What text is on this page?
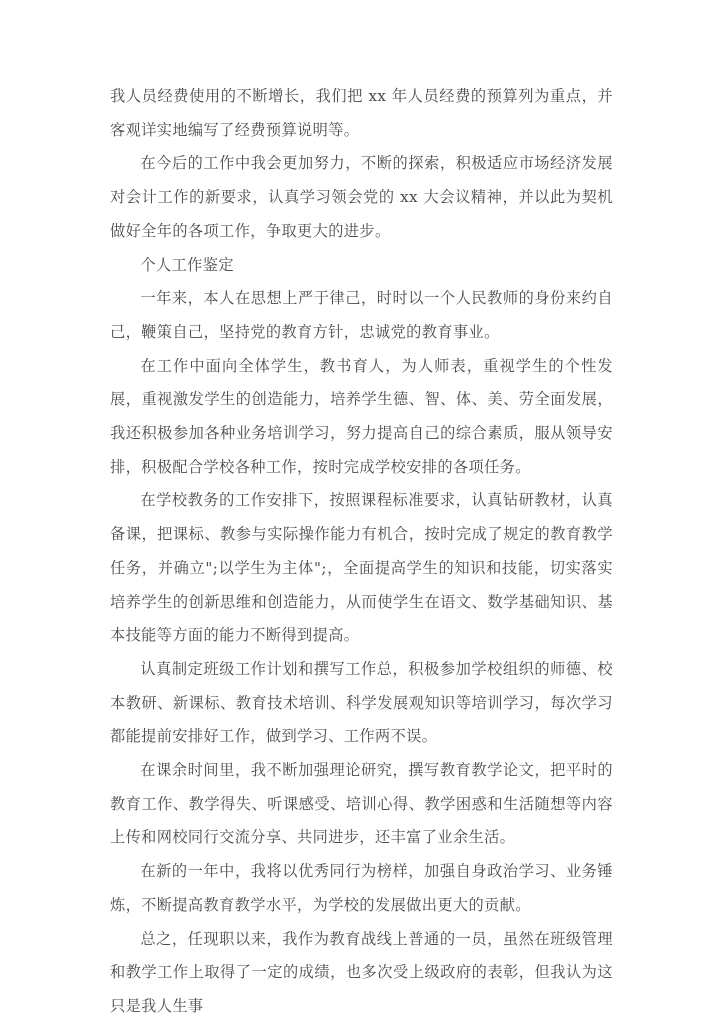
我人员经费使用的不断增长，我们把 xx 年人员经费的预算列为重点，并客观详实地编写了经费预算说明等。

在今后的工作中我会更加努力，不断的探索，积极适应市场经济发展对会计工作的新要求，认真学习领会党的 xx 大会议精神，并以此为契机做好全年的各项工作，争取更大的进步。

个人工作鉴定

一年来，本人在思想上严于律己，时时以一个人民教师的身份来约自己，鞭策自己，坚持党的教育方针，忠诚党的教育事业。

在工作中面向全体学生，教书育人，为人师表，重视学生的个性发展，重视激发学生的创造能力，培养学生德、智、体、美、劳全面发展，我还积极参加各种业务培训学习，努力提高自己的综合素质，服从领导安排，积极配合学校各种工作，按时完成学校安排的各项任务。

在学校教务的工作安排下，按照课程标准要求，认真钻研教材，认真备课，把课标、教参与实际操作能力有机合，按时完成了规定的教育教学任务，并确立";以学生为主体";，全面提高学生的知识和技能，切实落实培养学生的创新思维和创造能力，从而使学生在语文、数学基础知识、基本技能等方面的能力不断得到提高。

认真制定班级工作计划和撰写工作总，积极参加学校组织的师德、校本教研、新课标、教育技术培训、科学发展观知识等培训学习，每次学习都能提前安排好工作，做到学习、工作两不误。

在课余时间里，我不断加强理论研究，撰写教育教学论文，把平时的教育工作、教学得失、听课感受、培训心得、教学困惑和生活随想等内容上传和网校同行交流分享、共同进步，还丰富了业余生活。

在新的一年中，我将以优秀同行为榜样，加强自身政治学习、业务锤炼，不断提高教育教学水平，为学校的发展做出更大的贡献。

总之，任现职以来，我作为教育战线上普通的一员，虽然在班级管理和教学工作上取得了一定的成绩，也多次受上级政府的表彰，但我认为这只是我人生事
